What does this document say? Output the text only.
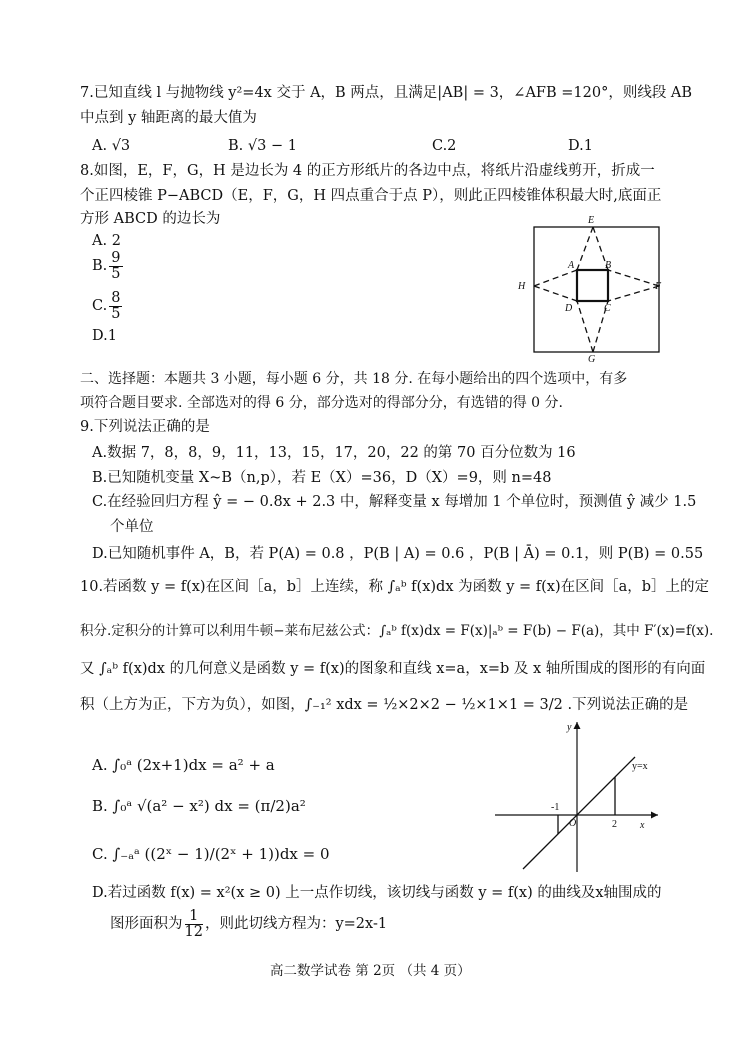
7.已知直线 l 与抛物线 y²=4x 交于 A，B 两点，且满足|AB| = 3，∠AFB =120°，则线段 AB
中点到 y 轴距离的最大值为
A. √3	B. √3 − 1	C.2	D.1
8.如图，E，F，G，H 是边长为 4 的正方形纸片的各边中点，将纸片沿虚线剪开，折成一
个正四棱锥 P−ABCD（E，F，G，H 四点重合于点 P），则此正四棱锥体积最大时,底面正
方形 ABCD 的边长为
A. 2
B. $\frac{9}{5}$
C. $\frac{8}{5}$
D.1
E
F
G
H
A	B
C
D
二、选择题：本题共 3 小题，每小题 6 分，共 18 分. 在每小题给出的四个选项中，有多
项符合题目要求. 全部选对的得 6 分，部分选对的得部分分，有选错的得 0 分.
9.下列说法正确的是
A.数据 7，8，8，9，11，13，15，17，20，22 的第 70 百分位数为 16
B.已知随机变量 X~B（n,p），若 E（X）=36，D（X）=9，则 n=48
C.在经验回归方程 ŷ = − 0.8x + 2.3 中，解释变量 x 每增加 1 个单位时，预测值 ŷ 减少 1.5
个单位
D.已知随机事件 A，B，若 P(A) = 0.8 ，P(B | A) = 0.6 ，P(B | Ā) = 0.1，则 P(B) = 0.55
10.若函数 y = f(x)在区间［a，b］上连续，称 ∫ₐᵇ f(x)dx 为函数 y = f(x)在区间［a，b］上的定
积分.定积分的计算可以利用牛顿−莱布尼兹公式：∫ₐᵇ f(x)dx = F(x)|ₐᵇ = F(b) − F(a)，其中 F′(x)=f(x).
又 ∫ₐᵇ f(x)dx 的几何意义是函数 y = f(x)的图象和直线 x=a，x=b 及 x 轴所围成的图形的有向面
积（上方为正，下方为负），如图，∫₋₁² xdx = ½×2×2 − ½×1×1 = 3/2 .下列说法正确的是
A. ∫₀ᵃ (2x+1)dx = a² + a
B. ∫₀ᵃ √(a² − x²) dx = (π/2)a²
C. ∫₋ₐᵃ ((2ˣ − 1)/(2ˣ + 1))dx = 0
D.若过函数 f(x) = x²(x ≥ 0) 上一点作切线，该切线与函数 y = f(x) 的曲线及x轴围成的
图形面积为 $\frac{1}{12}$ ，则此切线方程为：y=2x-1
y
x
y=x
-1
2
O
高二数学试卷 第 2页 （共 4 页）
